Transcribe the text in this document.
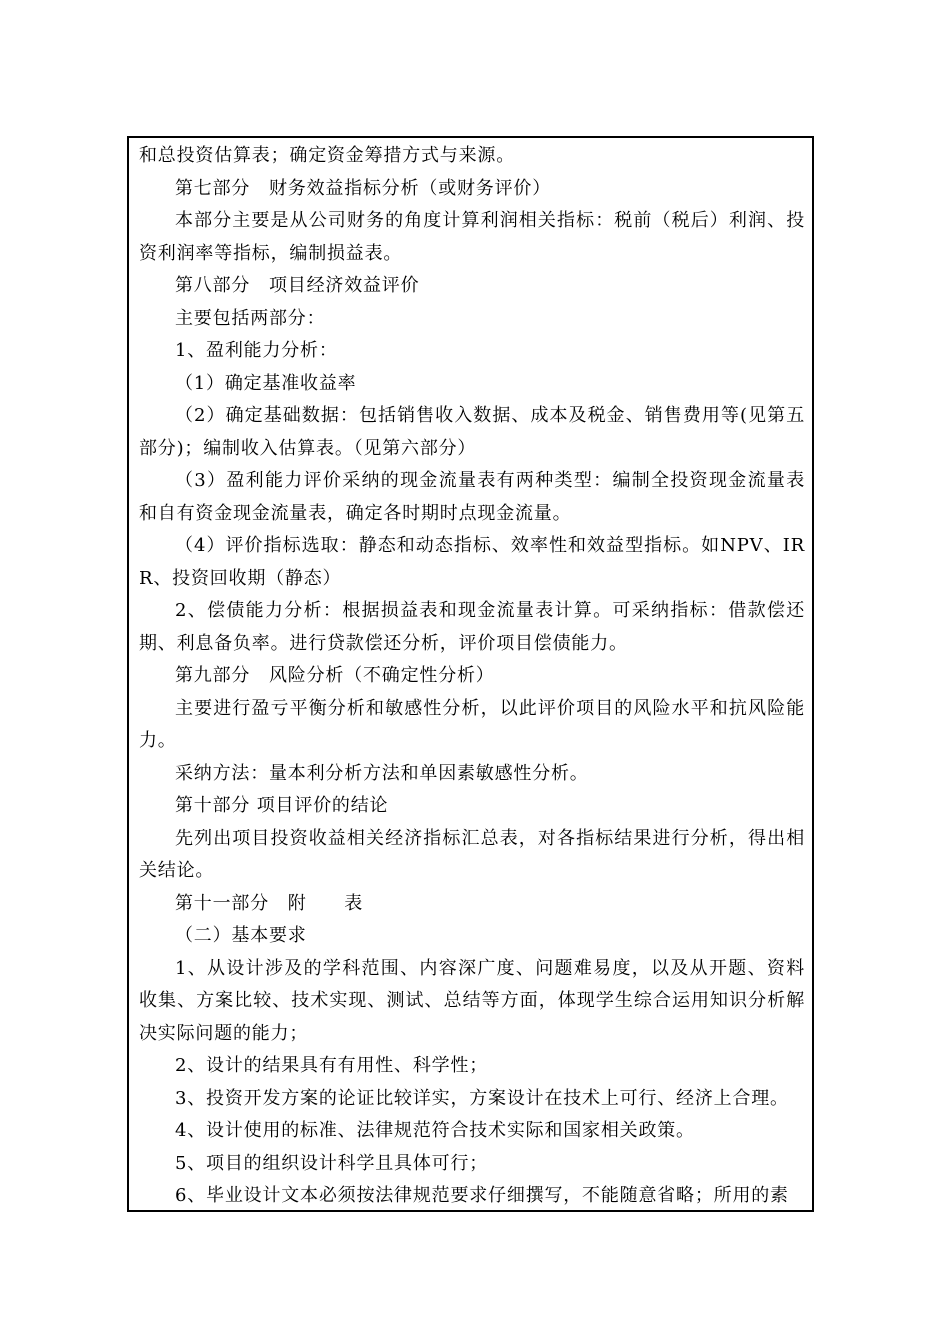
和总投资估算表；确定资金筹措方式与来源。

第七部分　财务效益指标分析（或财务评价）

本部分主要是从公司财务的角度计算利润相关指标：税前（税后）利润、投资利润率等指标，编制损益表。

第八部分　项目经济效益评价

主要包括两部分：

1、盈利能力分析：

（1）确定基准收益率

（2）确定基础数据：包括销售收入数据、成本及税金、销售费用等(见第五部分)；编制收入估算表。（见第六部分）

（3）盈利能力评价采纳的现金流量表有两种类型：编制全投资现金流量表和自有资金现金流量表，确定各时期时点现金流量。

（4）评价指标选取：静态和动态指标、效率性和效益型指标。如NPV、IRR、投资回收期（静态）

2、偿债能力分析：根据损益表和现金流量表计算。可采纳指标：借款偿还期、利息备负率。进行贷款偿还分析，评价项目偿债能力。

第九部分　风险分析（不确定性分析）

主要进行盈亏平衡分析和敏感性分析，以此评价项目的风险水平和抗风险能力。

采纳方法：量本利分析方法和单因素敏感性分析。

第十部分 项目评价的结论

先列出项目投资收益相关经济指标汇总表，对各指标结果进行分析，得出相关结论。

第十一部分　附　　表

（二）基本要求

1、从设计涉及的学科范围、内容深广度、问题难易度，以及从开题、资料收集、方案比较、技术实现、测试、总结等方面，体现学生综合运用知识分析解决实际问题的能力；

2、设计的结果具有有用性、科学性；

3、投资开发方案的论证比较详实，方案设计在技术上可行、经济上合理。

4、设计使用的标准、法律规范符合技术实际和国家相关政策。

5、项目的组织设计科学且具体可行；

6、毕业设计文本必须按法律规范要求仔细撰写，不能随意省略；所用的素
